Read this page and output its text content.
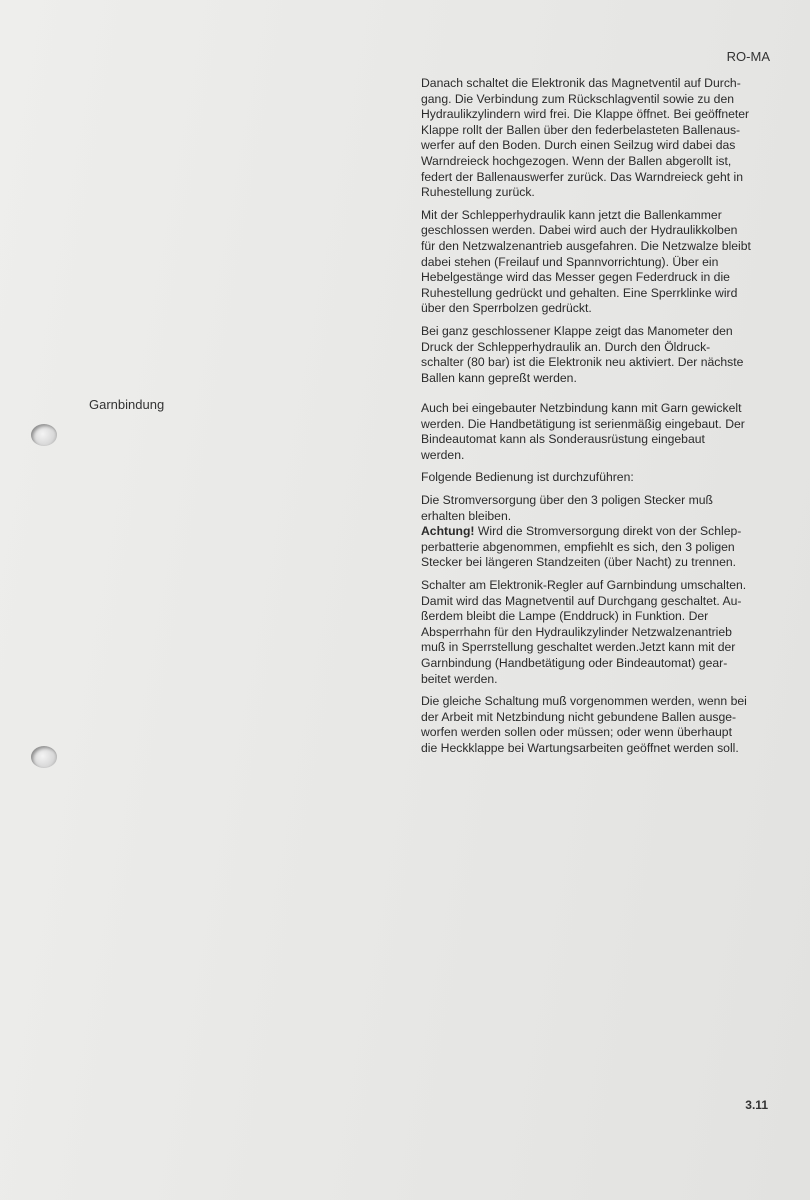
RO-MA

Danach schaltet die Elektronik das Magnetventil auf Durch-
gang. Die Verbindung zum Rückschlagventil sowie zu den
Hydraulikzylindern wird frei. Die Klappe öffnet. Bei geöffneter
Klappe rollt der Ballen über den federbelasteten Ballenaus-
werfer auf den Boden. Durch einen Seilzug wird dabei das
Warndreieck hochgezogen. Wenn der Ballen abgerollt ist,
federt der Ballenauswerfer zurück. Das Warndreieck geht in
Ruhestellung zurück.

Mit der Schlepperhydraulik kann jetzt die Ballenkammer
geschlossen werden. Dabei wird auch der Hydraulikkolben
für den Netzwalzenantrieb ausgefahren. Die Netzwalze bleibt
dabei stehen (Freilauf und Spannvorrichtung). Über ein
Hebelgestänge wird das Messer gegen Federdruck in die
Ruhestellung gedrückt und gehalten. Eine Sperrklinke wird
über den Sperrbolzen gedrückt.

Bei ganz geschlossener Klappe zeigt das Manometer den
Druck der Schlepperhydraulik an. Durch den Öldruck-
schalter (80 bar) ist die Elektronik neu aktiviert. Der nächste
Ballen kann gepreßt werden.

Garnbindung	Auch bei eingebauter Netzbindung kann mit Garn gewickelt
werden. Die Handbetätigung ist serienmäßig eingebaut. Der
Bindeautomat kann als Sonderausrüstung eingebaut
werden.

Folgende Bedienung ist durchzuführen:

Die Stromversorgung über den 3 poligen Stecker muß
erhalten bleiben.
Achtung! Wird die Stromversorgung direkt von der Schlep-
perbatterie abgenommen, empfiehlt es sich, den 3 poligen
Stecker bei längeren Standzeiten (über Nacht) zu trennen.

Schalter am Elektronik-Regler auf Garnbindung umschalten.
Damit wird das Magnetventil auf Durchgang geschaltet. Au-
ßerdem bleibt die Lampe (Enddruck) in Funktion. Der
Absperrhahn für den Hydraulikzylinder Netzwalzenantrieb
muß in Sperrstellung geschaltet werden.Jetzt kann mit der
Garnbindung (Handbetätigung oder Bindeautomat) gear-
beitet werden.

Die gleiche Schaltung muß vorgenommen werden, wenn bei
der Arbeit mit Netzbindung nicht gebundene Ballen ausge-
worfen werden sollen oder müssen; oder wenn überhaupt
die Heckklappe bei Wartungsarbeiten geöffnet werden soll.

3.11
